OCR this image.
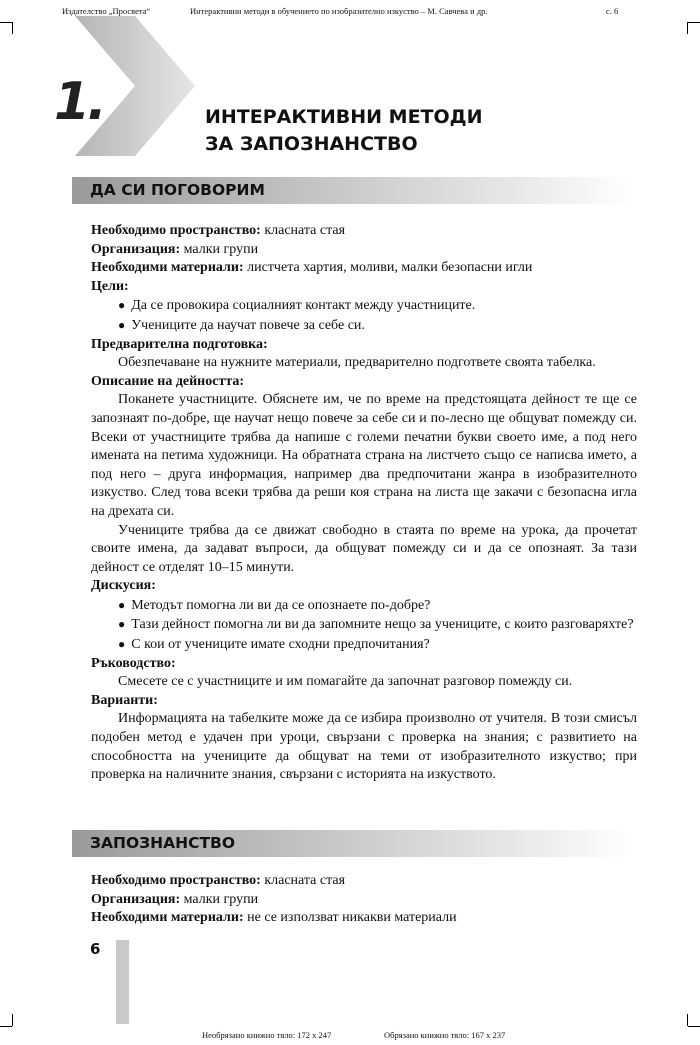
Издателство „Просвета“	Интерактивни методи в обучението по изобразително изкуство – М. Савчева и др.	с. 6
1.	ИНТЕРАКТИВНИ МЕТОДИ
ЗА ЗАПОЗНАНСТВО
ДА СИ ПОГОВОРИМ

Необходимо пространство: класната стая

Организация: малки групи

Необходими материали: листчета хартия, моливи, малки безопасни игли

Цели:

● Да се провокира социалният контакт между участниците.

● Учениците да научат повече за себе си.

Предварителна подготовка:

Обезпечаване на нужните материали, предварително подгответе своята табелка.

Описание на дейността:

Поканете участниците. Обяснете им, че по време на предстоящата дейност те ще се запознаят по-добре, ще научат нещо повече за себе си и по-лесно ще общуват помежду си. Всеки от участниците трябва да напише с големи печатни букви своето име, а под него имената на петима художници. На обратната страна на листчето също се написва името, а под него – друга информация, например два предпочитани жанра в изобразителното изкуство. След това всеки трябва да реши коя страна на листа ще закачи с безопасна игла на дрехата си.

Учениците трябва да се движат свободно в стаята по време на урока, да прочетат своите имена, да задават въпроси, да общуват помежду си и да се опознаят. За тази дейност се отделят 10–15 минути.

Дискусия:

● Методът помогна ли ви да се опознаете по-добре?

● Тази дейност помогна ли ви да запомните нещо за учениците, с които разговаряхте?

● С кои от учениците имате сходни предпочитания?

Ръководство:

Смесете се с участниците и им помагайте да започнат разговор помежду си.

Варианти:

Информацията на табелките може да се избира произволно от учителя. В този смисъл подобен метод е удачен при уроци, свързани с проверка на знания; с развитието на способността на учениците да общуват на теми от изобразителното изкуство; при проверка на наличните знания, свързани с историята на изкуството.

ЗАПОЗНАНСТВО

Необходимо пространство: класната стая

Организация: малки групи

Необходими материали: не се използват никакви материали

6
Необрязано книжно тяло: 172 x 247	Обрязано книжно тяло: 167 x 237
